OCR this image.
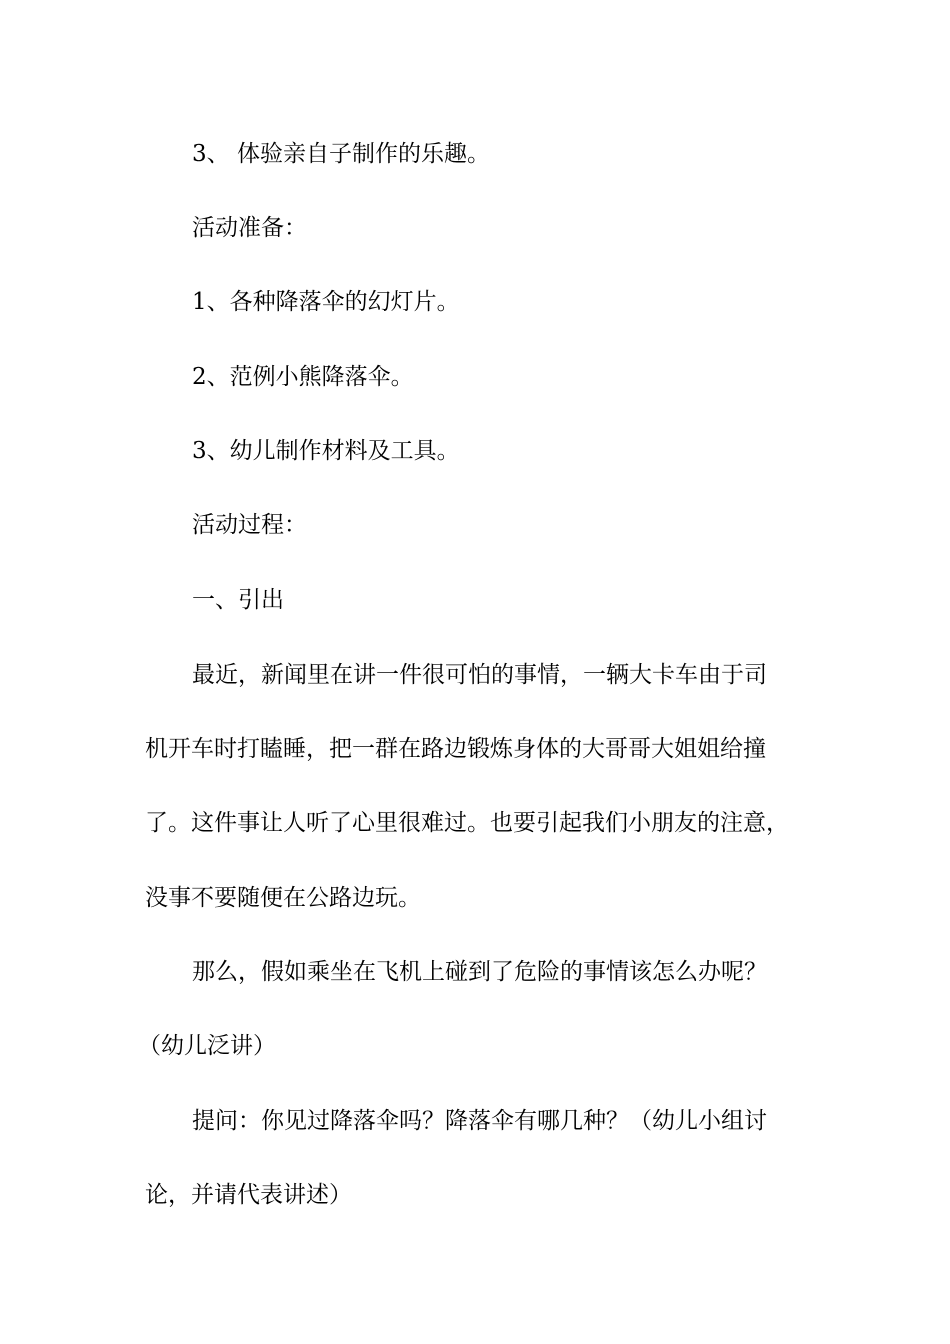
3、 体验亲自子制作的乐趣。

活动准备：

1、各种降落伞的幻灯片。

2、范例小熊降落伞。

3、幼儿制作材料及工具。

活动过程：

一、引出

最近，新闻里在讲一件很可怕的事情，一辆大卡车由于司

机开车时打瞌睡，把一群在路边锻炼身体的大哥哥大姐姐给撞

了。这件事让人听了心里很难过。也要引起我们小朋友的注意，

没事不要随便在公路边玩。

那么，假如乘坐在飞机上碰到了危险的事情该怎么办呢？

（幼儿泛讲）

提问：你见过降落伞吗？降落伞有哪几种？（幼儿小组讨

论，并请代表讲述）
